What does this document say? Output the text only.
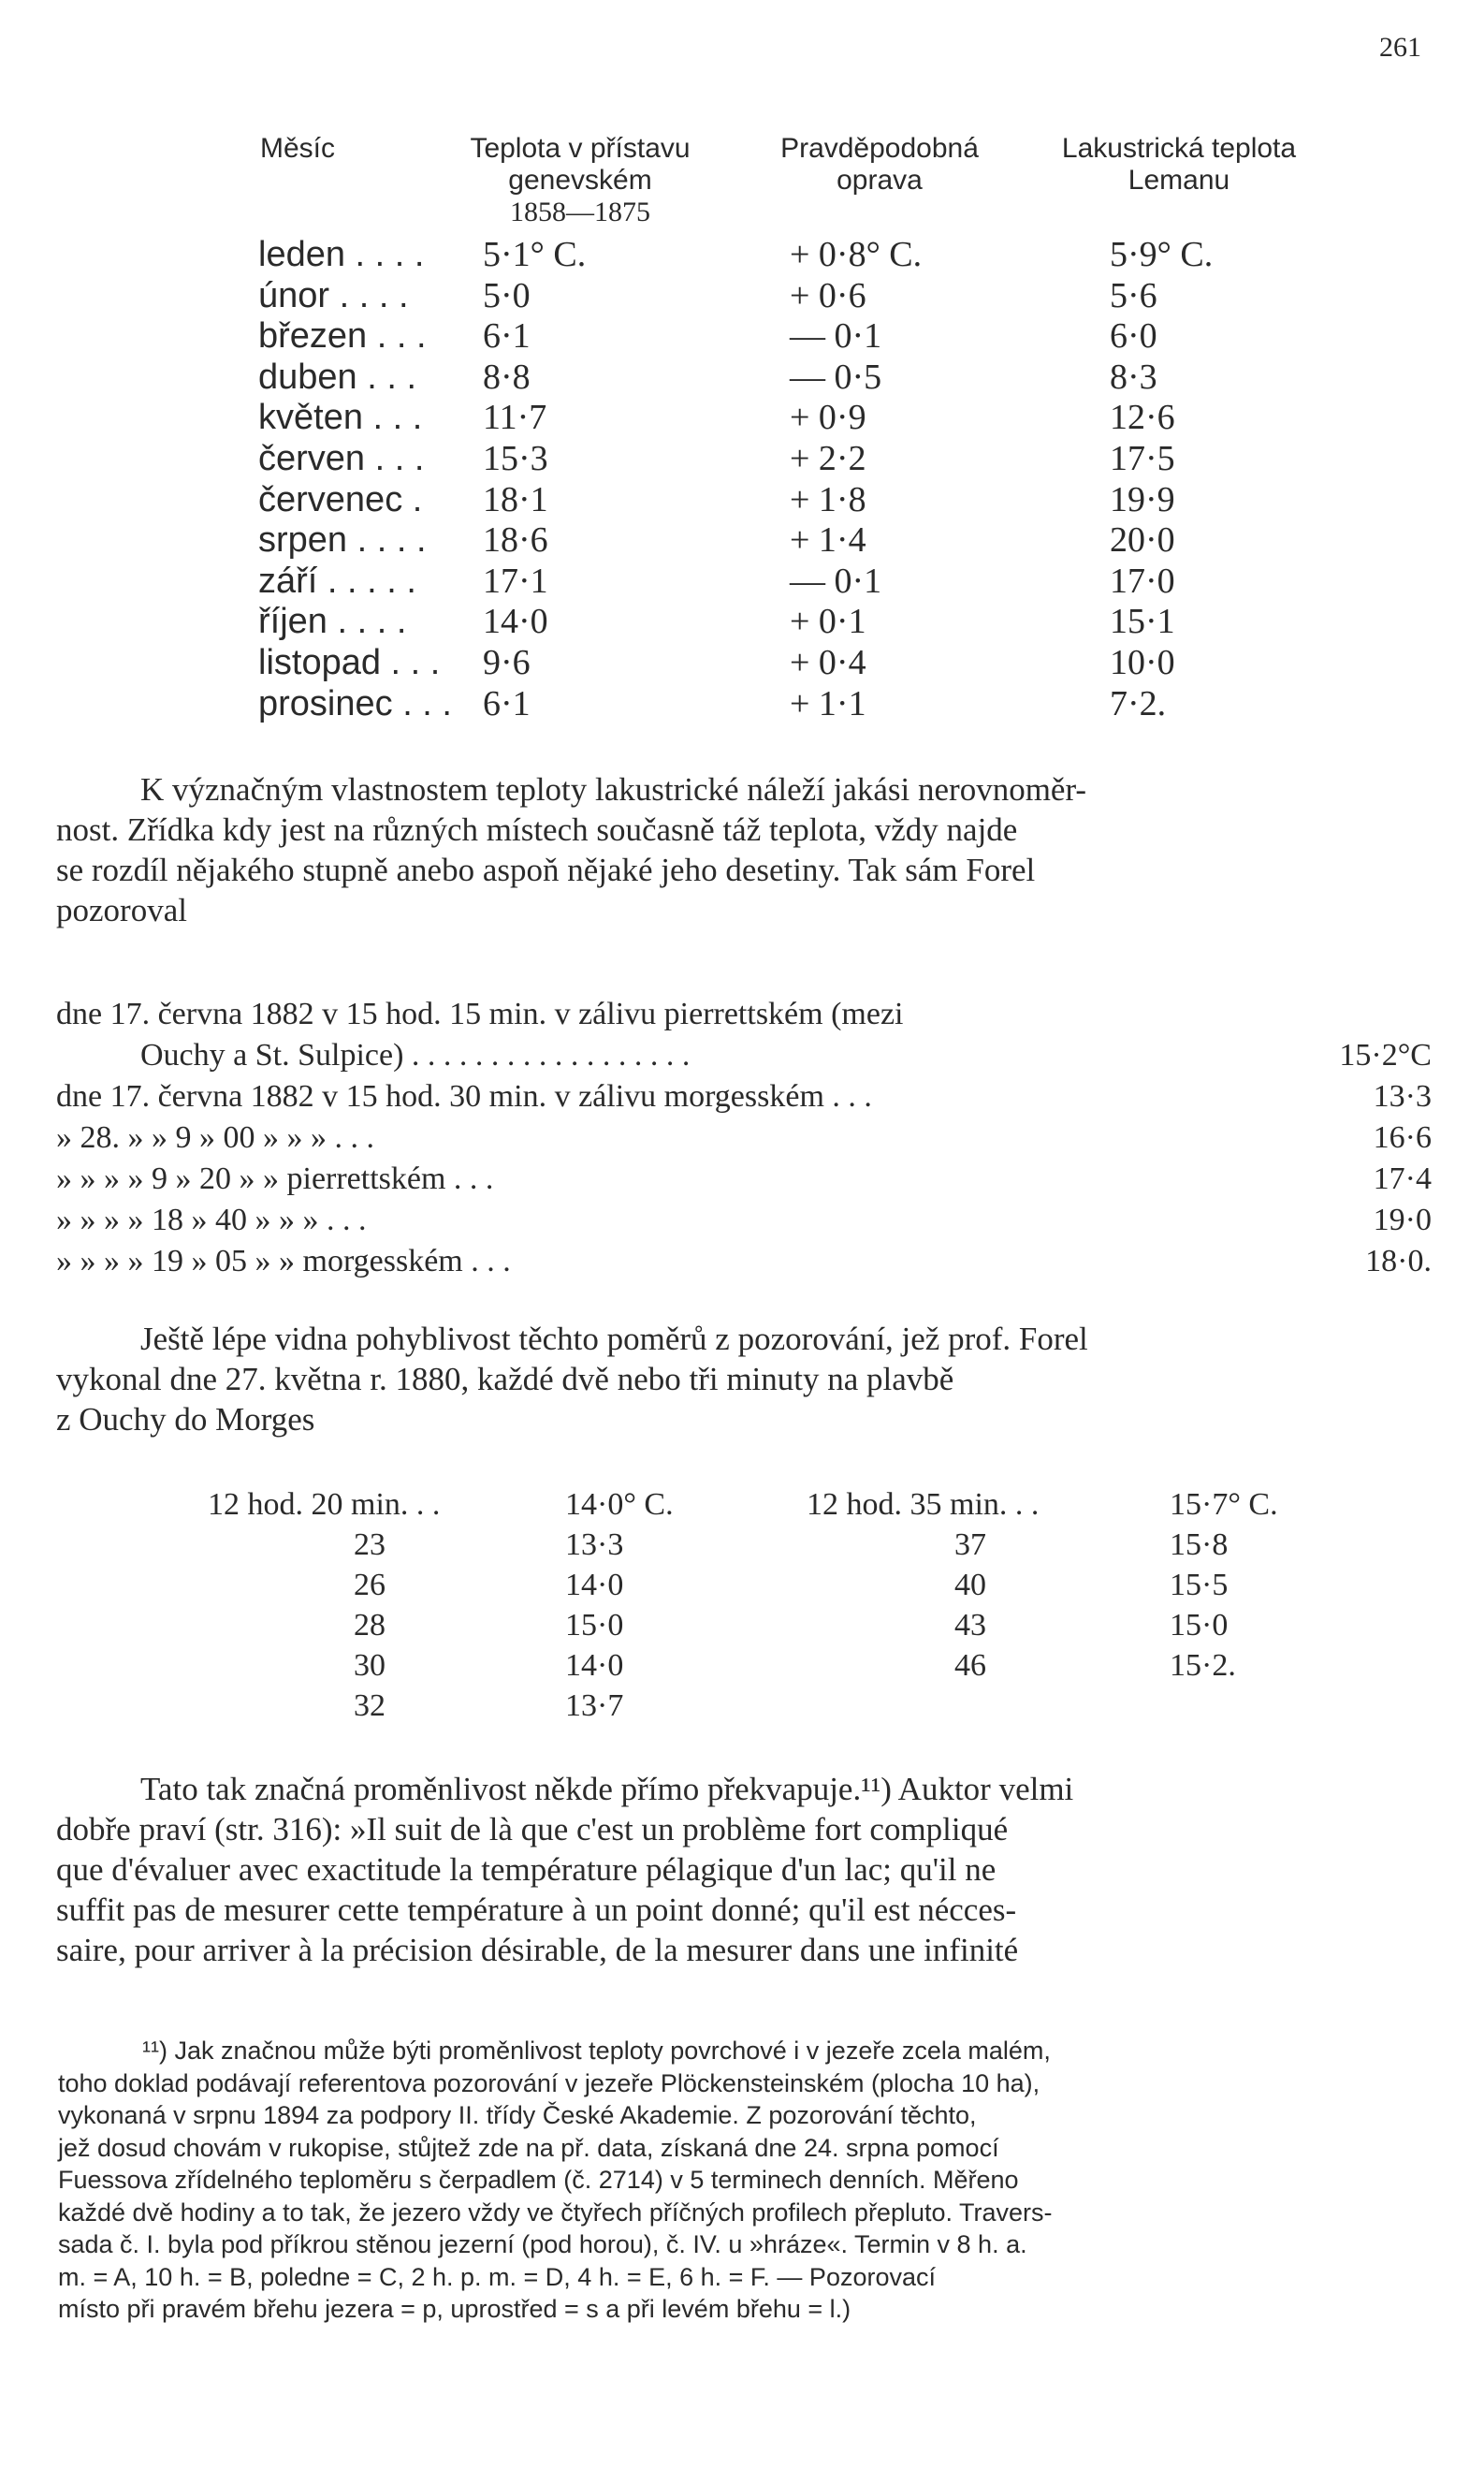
261
Měsíc	Teplota v přístavu
genevském
1858—1875
Pravděpodobná
oprava
Lakustrická teplota
Lemanu
leden . . . . 5·1° C.	+ 0·8° C.	5·9° C.
únor . . . . 5·0	+ 0·6	5·6
březen . . . 6·1	— 0·1	6·0
duben . . . 8·8	— 0·5	8·3
květen . . . 11·7	+ 0·9	12·6
červen . . . 15·3	+ 2·2	17·5
červenec . 18·1	+ 1·8	19·9
srpen . . . . 18·6	+ 1·4	20·0
září . . . . . 17·1	— 0·1	17·0
říjen . . . . 14·0	+ 0·1	15·1
listopad . . . 9·6	+ 0·4	10·0
prosinec . . . 6·1	+ 1·1	7·2.

K význačným vlastnostem teploty lakustrické náleží jakási nerovnoměr-

nost. Zřídka kdy jest na různých místech současně táž teplota, vždy najde

se rozdíl nějakého stupně anebo aspoň nějaké jeho desetiny. Tak sám Forel

pozoroval

dne 17. června 1882 v 15 hod. 15 min. v zálivu pierrettském (mezi
Ouchy a St. Sulpice) . . . . . . . . . . . . . . . . . .	15·2°C
dne 17. června 1882 v 15 hod. 30 min. v zálivu morgesském . . .	13·3
» 28. » » 9 » 00 » » » . . .	16·6
» » » » 9 » 20 » » pierrettském . . .	17·4
» » » » 18 » 40 » » » . . .	19·0
» » » » 19 » 05 » » morgesském . . .	18·0.

Ještě lépe vidna pohyblivost těchto poměrů z pozorování, jež prof. Forel

vykonal dne 27. května r. 1880, každé dvě nebo tři minuty na plavbě

z Ouchy do Morges

12 hod. 20 min. . .	14·0° C.	12 hod. 35 min. . .	15·7° C.
23	13·3	37	15·8
26	14·0	40	15·5
28	15·0	43	15·0
30	14·0	46	15·2.
32	13·7

Tato tak značná proměnlivost někde přímo překvapuje.¹¹) Auktor velmi

dobře praví (str. 316): »Il suit de là que c'est un problème fort compliqué

que d'évaluer avec exactitude la température pélagique d'un lac; qu'il ne

suffit pas de mesurer cette température à un point donné; qu'il est nécces-

saire, pour arriver à la précision désirable, de la mesurer dans une infinité

¹¹) Jak značnou může býti proměnlivost teploty povrchové i v jezeře zcela malém,

toho doklad podávají referentova pozorování v jezeře Plöckensteinském (plocha 10 ha),

vykonaná v srpnu 1894 za podpory II. třídy České Akademie. Z pozorování těchto,

jež dosud chovám v rukopise, stůjtež zde na př. data, získaná dne 24. srpna pomocí

Fuessova zřídelného teploměru s čerpadlem (č. 2714) v 5 terminech denních. Měřeno

každé dvě hodiny a to tak, že jezero vždy ve čtyřech příčných profilech přepluto. Travers-

sada č. I. byla pod příkrou stěnou jezerní (pod horou), č. IV. u »hráze«. Termin v 8 h. a.

m. = A, 10 h. = B, poledne = C, 2 h. p. m. = D, 4 h. = E, 6 h. = F. — Pozorovací

místo při pravém břehu jezera = p, uprostřed = s a při levém břehu = l.)
